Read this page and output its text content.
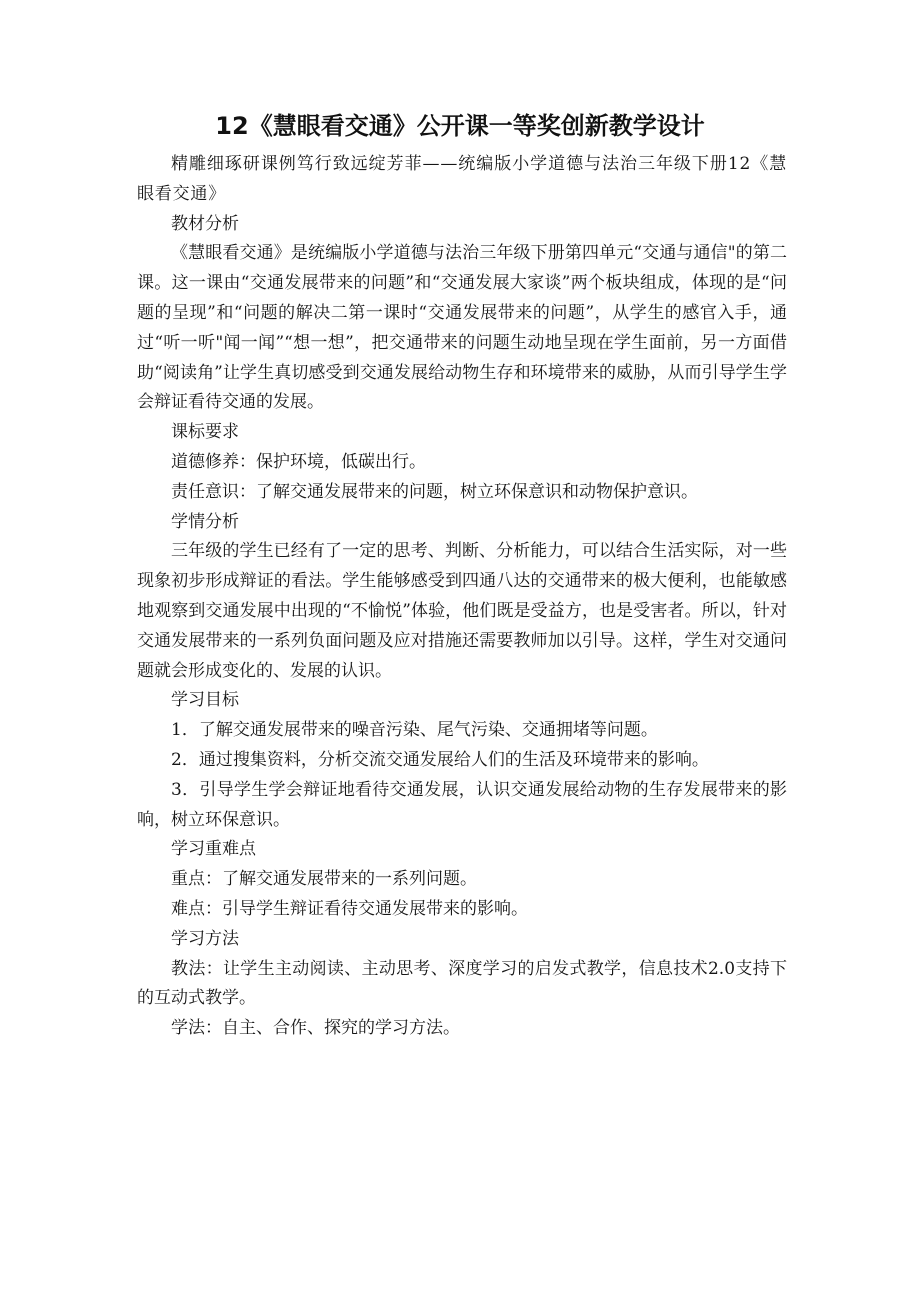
12《慧眼看交通》公开课一等奖创新教学设计

精雕细琢研课例笃行致远绽芳菲——统编版小学道德与法治三年级下册12《慧眼看交通》

教材分析

《慧眼看交通》是统编版小学道德与法治三年级下册第四单元“交通与通信"的第二课。这一课由“交通发展带来的问题”和“交通发展大家谈”两个板块组成，体现的是“问题的呈现”和“问题的解决二第一课时“交通发展带来的问题”，从学生的感官入手，通过“听一听"闻一闻”“想一想”，把交通带来的问题生动地呈现在学生面前，另一方面借助“阅读角”让学生真切感受到交通发展给动物生存和环境带来的威胁，从而引导学生学会辩证看待交通的发展。

课标要求

道德修养：保护环境，低碳出行。

责任意识：了解交通发展带来的问题，树立环保意识和动物保护意识。

学情分析

三年级的学生已经有了一定的思考、判断、分析能力，可以结合生活实际，对一些现象初步形成辩证的看法。学生能够感受到四通八达的交通带来的极大便利，也能敏感地观察到交通发展中出现的“不愉悦”体验，他们既是受益方，也是受害者。所以，针对交通发展带来的一系列负面问题及应对措施还需要教师加以引导。这样，学生对交通问题就会形成变化的、发展的认识。

学习目标

1．了解交通发展带来的噪音污染、尾气污染、交通拥堵等问题。

2．通过搜集资料，分析交流交通发展给人们的生活及环境带来的影响。

3．引导学生学会辩证地看待交通发展，认识交通发展给动物的生存发展带来的影响，树立环保意识。

学习重难点

重点：了解交通发展带来的一系列问题。

难点：引导学生辩证看待交通发展带来的影响。

学习方法

教法：让学生主动阅读、主动思考、深度学习的启发式教学，信息技术2.0支持下的互动式教学。

学法：自主、合作、探究的学习方法。
